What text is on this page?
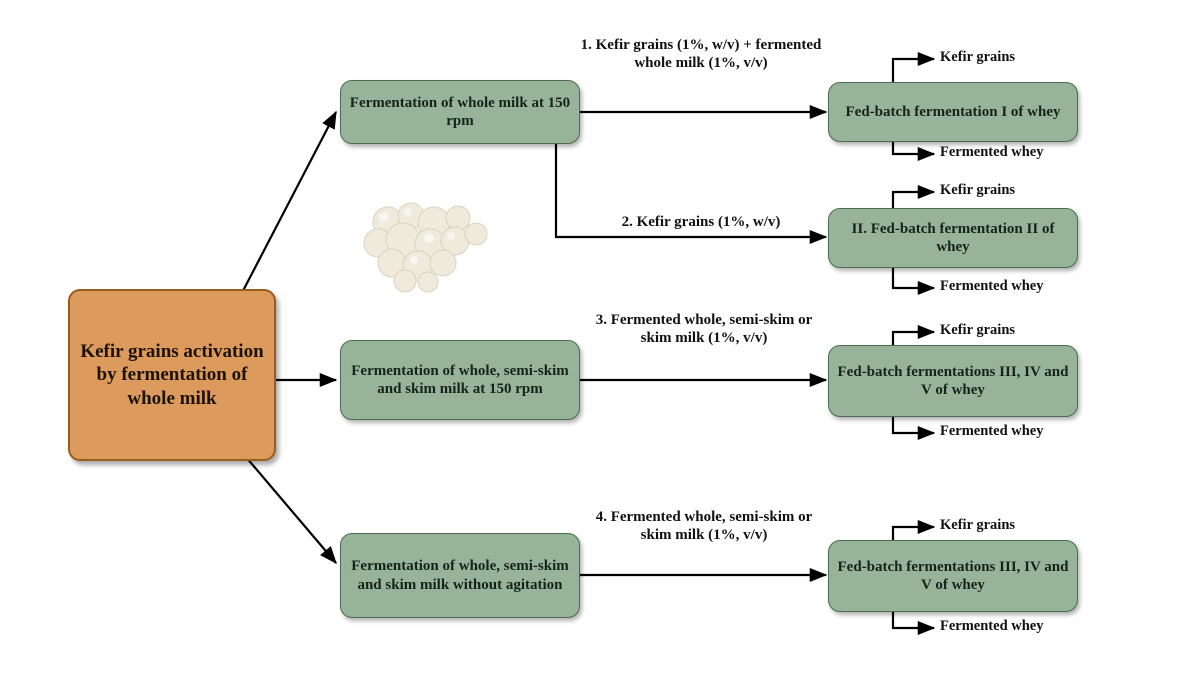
Kefir grains activation by fermentation of whole milk
Fermentation of whole milk at 150 rpm
Fermentation of whole, semi-skim and skim milk at 150 rpm
Fermentation of whole, semi-skim and skim milk without agitation
Fed-batch fermentation I of whey
II. Fed-batch fermentation II of whey
Fed-batch fermentations III, IV and V of whey
Fed-batch fermentations III, IV and V of whey
1. Kefir grains (1%, w/v) + fermented whole milk (1%, v/v)
2. Kefir grains (1%, w/v)
3. Fermented whole, semi-skim or skim milk (1%, v/v)
4. Fermented whole, semi-skim or skim milk (1%, v/v)
Kefir grains
Fermented whey
Kefir grains
Fermented whey
Kefir grains
Fermented whey
Kefir grains
Fermented whey
